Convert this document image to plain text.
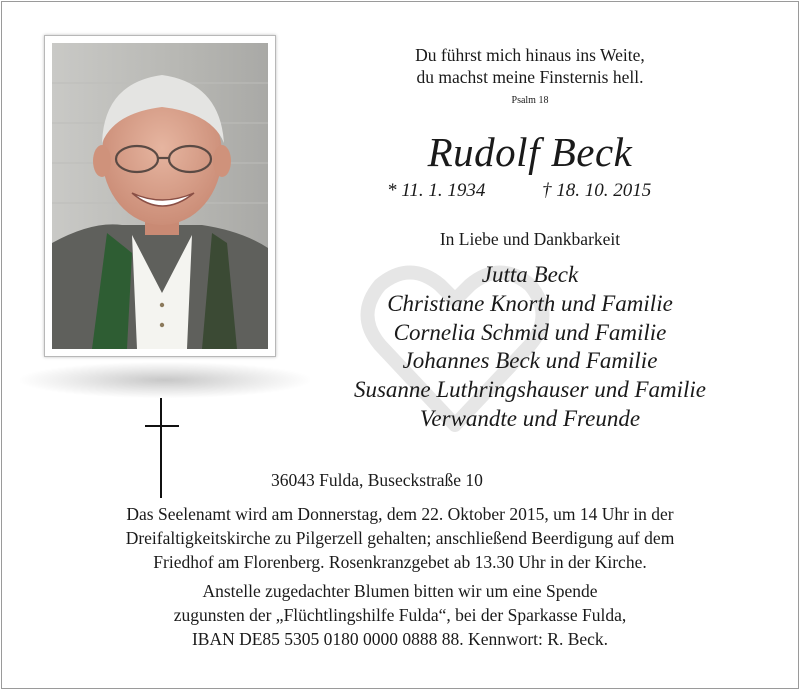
Du führst mich hinaus ins Weite,
du machst meine Finsternis hell.
Psalm 18
Rudolf Beck
* 11. 1. 1934	† 18. 10. 2015
In Liebe und Dankbarkeit
Jutta Beck
Christiane Knorth und Familie
Cornelia Schmid und Familie
Johannes Beck und Familie
Susanne Luthringshauser und Familie
Verwandte und Freunde
36043 Fulda, Buseckstraße 10
Das Seelenamt wird am Donnerstag, dem 22. Oktober 2015, um 14 Uhr in der
Dreifaltigkeitskirche zu Pilgerzell gehalten; anschließend Beerdigung auf dem
Friedhof am Florenberg. Rosenkranzgebet ab 13.30 Uhr in der Kirche.
Anstelle zugedachter Blumen bitten wir um eine Spende
zugunsten der „Flüchtlingshilfe Fulda“, bei der Sparkasse Fulda,
IBAN DE85 5305 0180 0000 0888 88. Kennwort: R. Beck.
